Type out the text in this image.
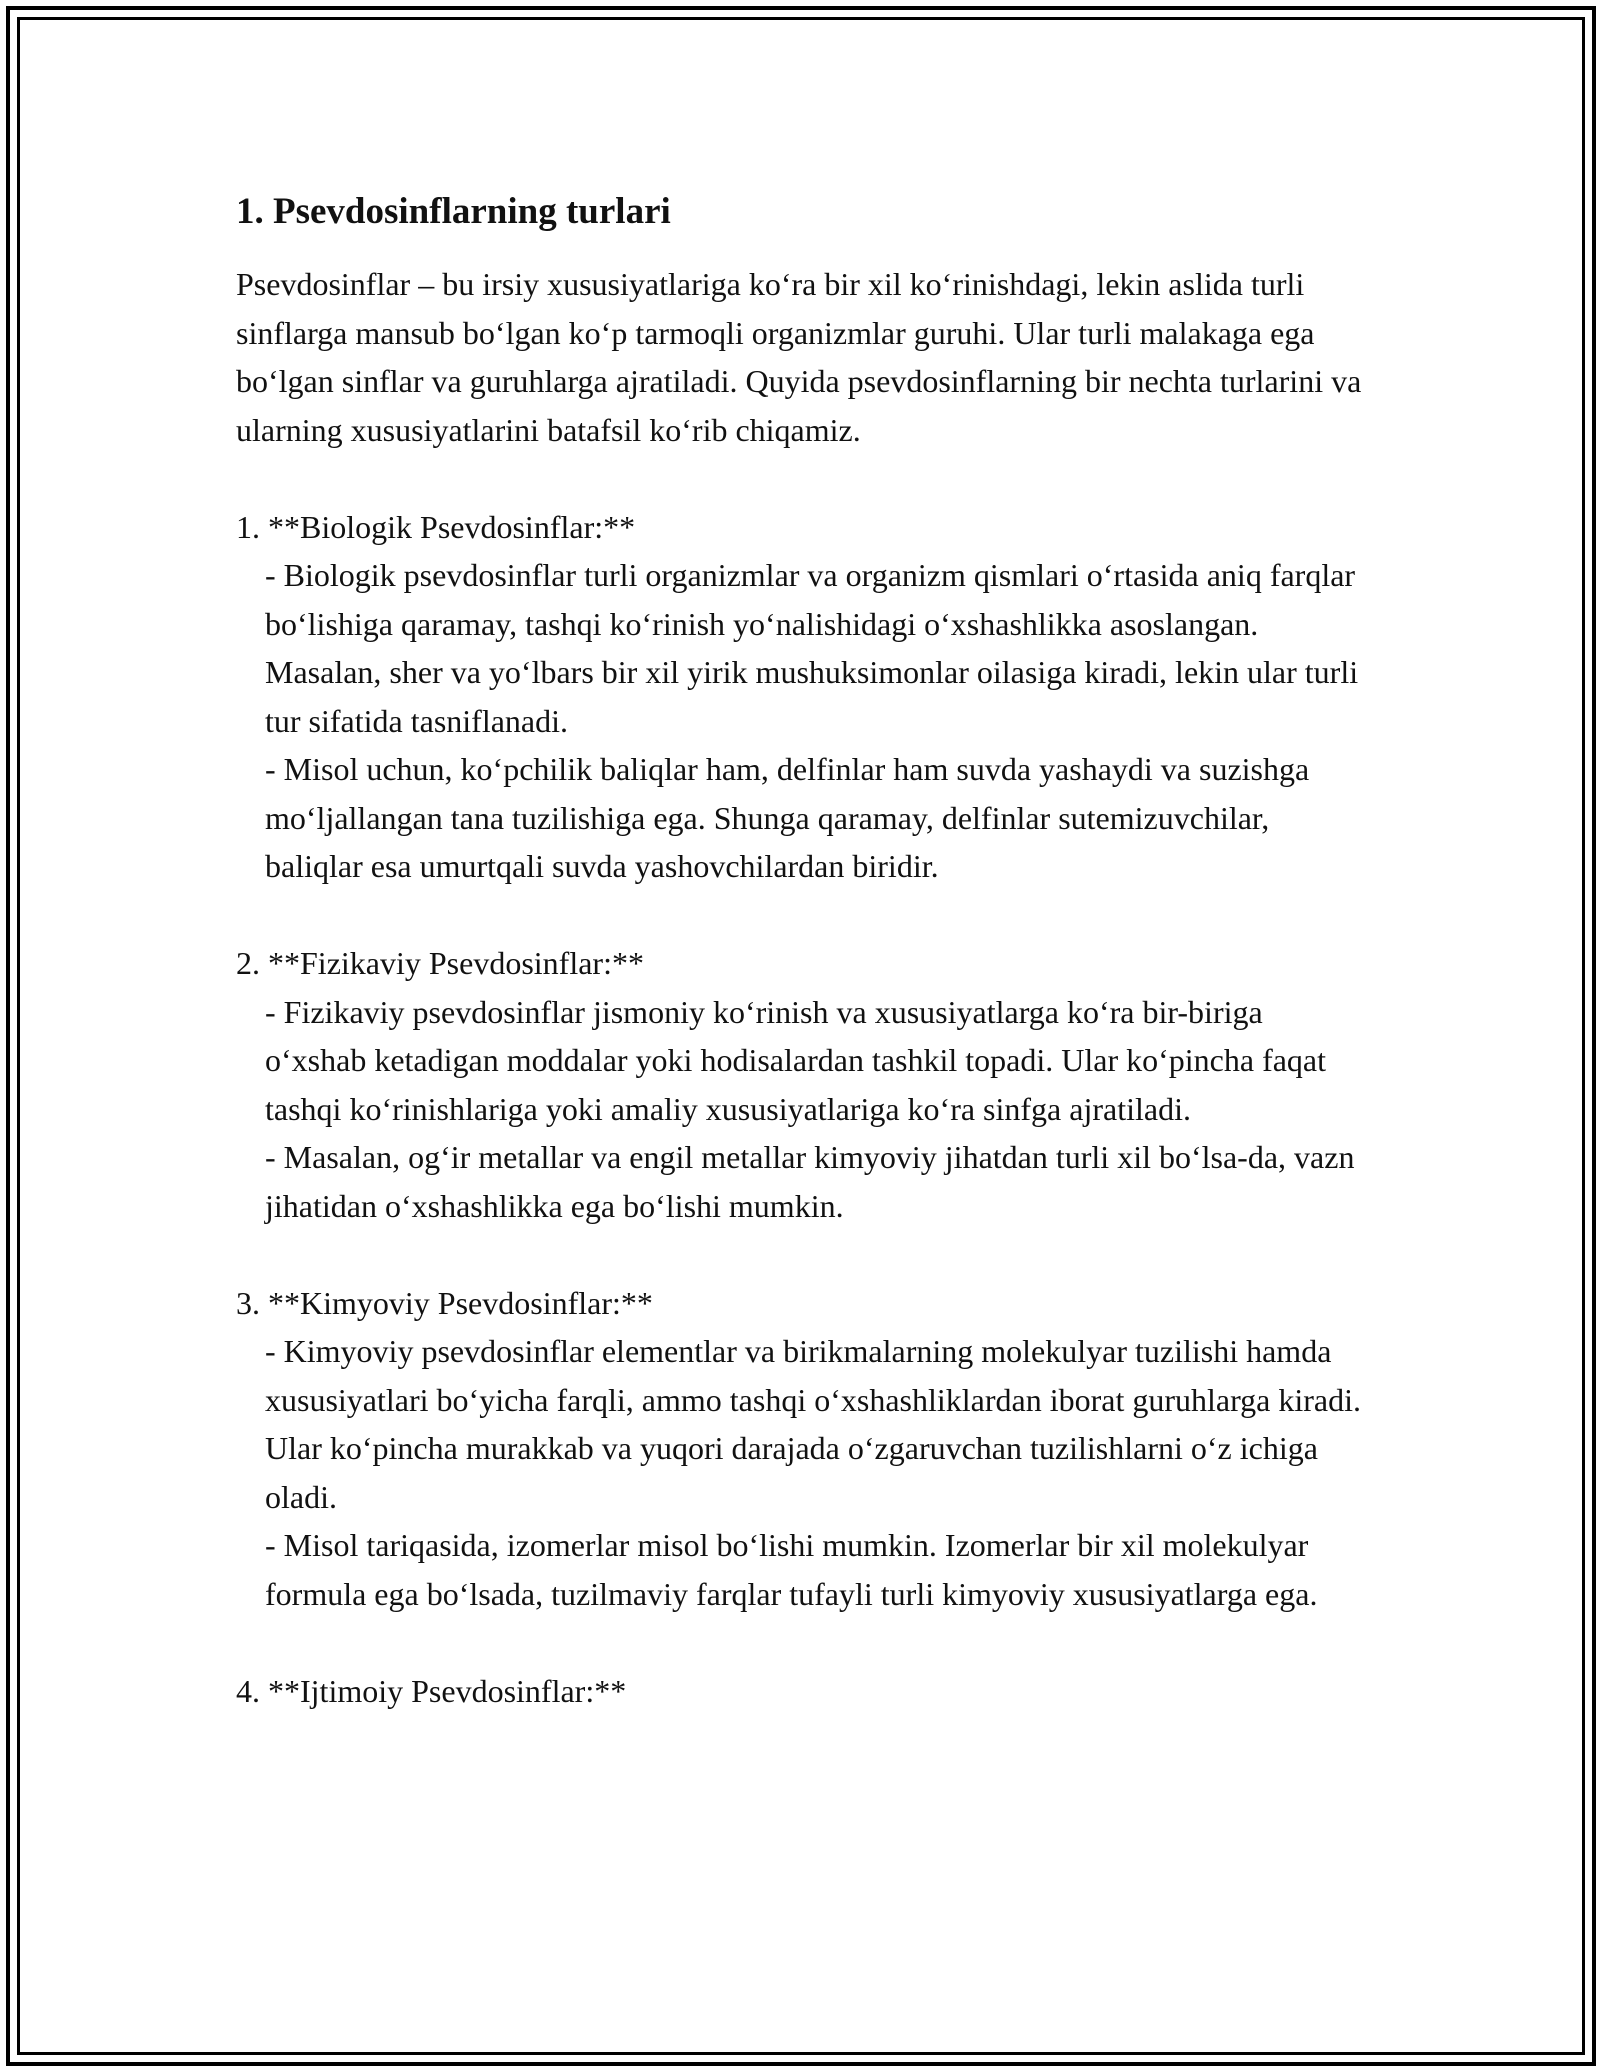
1. Psevdosinflarning turlari

Psevdosinflar – bu irsiy xususiyatlariga koʻra bir xil koʻrinishdagi, lekin aslida turli sinflarga mansub boʻlgan koʻp tarmoqli organizmlar guruhi. Ular turli malakaga ega boʻlgan sinflar va guruhlarga ajratiladi. Quyida psevdosinflarning bir nechta turlarini va ularning xususiyatlarini batafsil koʻrib chiqamiz.

1. **Biologik Psevdosinflar:**

- Biologik psevdosinflar turli organizmlar va organizm qismlari oʻrtasida aniq farqlar boʻlishiga qaramay, tashqi koʻrinish yoʻnalishidagi oʻxshashlikka asoslangan. Masalan, sher va yoʻlbars bir xil yirik mushuksimonlar oilasiga kiradi, lekin ular turli tur sifatida tasniflanadi.

- Misol uchun, koʻpchilik baliqlar ham, delfinlar ham suvda yashaydi va suzishga moʻljallangan tana tuzilishiga ega. Shunga qaramay, delfinlar sutemizuvchilar, baliqlar esa umurtqali suvda yashovchilardan biridir.

2. **Fizikaviy Psevdosinflar:**

- Fizikaviy psevdosinflar jismoniy koʻrinish va xususiyatlarga koʻra bir-biriga oʻxshab ketadigan moddalar yoki hodisalardan tashkil topadi. Ular koʻpincha faqat tashqi koʻrinishlariga yoki amaliy xususiyatlariga koʻra sinfga ajratiladi.

- Masalan, ogʻir metallar va engil metallar kimyoviy jihatdan turli xil boʻlsa-da, vazn jihatidan oʻxshashlikka ega boʻlishi mumkin.

3. **Kimyoviy Psevdosinflar:**

- Kimyoviy psevdosinflar elementlar va birikmalarning molekulyar tuzilishi hamda xususiyatlari boʻyicha farqli, ammo tashqi oʻxshashliklardan iborat guruhlarga kiradi. Ular koʻpincha murakkab va yuqori darajada oʻzgaruvchan tuzilishlarni oʻz ichiga oladi.

- Misol tariqasida, izomerlar misol boʻlishi mumkin. Izomerlar bir xil molekulyar formula ega boʻlsada, tuzilmaviy farqlar tufayli turli kimyoviy xususiyatlarga ega.

4. **Ijtimoiy Psevdosinflar:**
